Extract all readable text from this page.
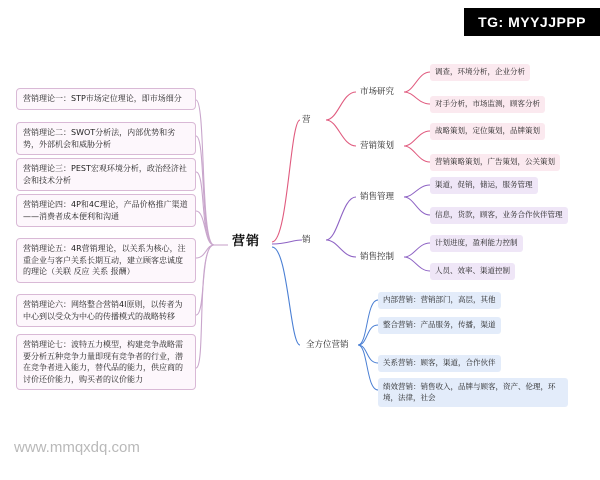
TG: MYYJJPPP
www.mmqxdq.com
营销理论一：STP市场定位理论，即市场细分
营销理论二：SWOT分析法，内部优势和劣势，外部机会和威胁分析
营销理论三：PEST宏观环境分析，政治经济社会和技术分析
营销理论四：4P和4C理论，产品价格推广渠道——消费者成本便利和沟通
营销理论五：4R营销理论，以关系为核心，注重企业与客户关系长期互动，建立顾客忠诚度的理论（关联 反应 关系 报酬）
营销理论六：网络整合营销4I原则，以传者为中心到以受众为中心的传播模式的战略转移
营销理论七：波特五力模型，构建竞争战略需要分析五种竞争力量即现有竞争者的行业，潜在竞争者进入能力，替代品的能力，供应商的讨价还价能力，购买者的议价能力
营销
营
销
全方位营销
市场研究
营销策划
调查，环境分析，企业分析
对手分析，市场监测，顾客分析
战略策划，定位策划，品牌策划
营销策略策划，广告策划，公关策划
销售管理
销售控制
渠道，促销，储运，服务管理
信息，货款，顾客，业务合作伙伴管理
计划进度，盈利能力控制
人员、效率、渠道控制
内部营销：营销部门，高层，其他
整合营销：产品服务，传播，渠道
关系营销：顾客，渠道，合作伙伴
绩效营销：销售收入，品牌与顾客，资产、伦理，环境，法律，社会
